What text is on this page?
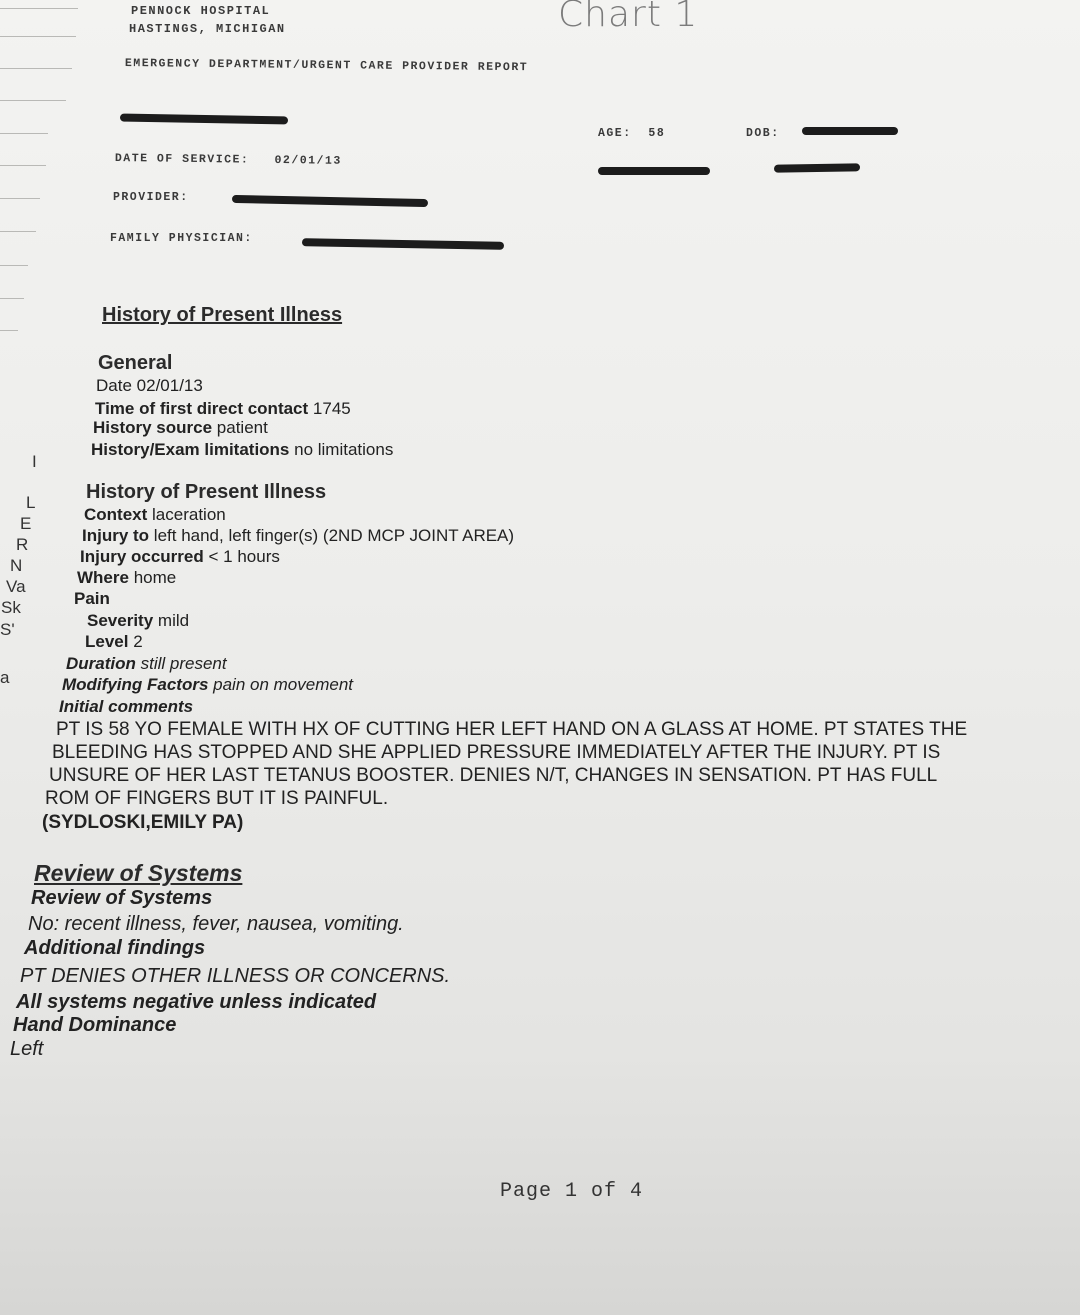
I
L
E
R
N
Va
Sk
S'
a
PENNOCK HOSPITAL
HASTINGS, MICHIGAN
EMERGENCY DEPARTMENT/URGENT CARE PROVIDER REPORT
Chart 1
AGE: 58	DOB:
DATE OF SERVICE: 02/01/13
PROVIDER:
FAMILY PHYSICIAN:
History of Present Illness
General
Date 02/01/13
Time of first direct contact 1745
History source patient
History/Exam limitations no limitations
History of Present Illness
Context laceration
Injury to left hand, left finger(s) (2ND MCP JOINT AREA)
Injury occurred < 1 hours
Where home
Pain
Severity mild
Level 2
Duration still present
Modifying Factors pain on movement
Initial comments
PT IS 58 YO FEMALE WITH HX OF CUTTING HER LEFT HAND ON A GLASS AT HOME. PT STATES THE
BLEEDING HAS STOPPED AND SHE APPLIED PRESSURE IMMEDIATELY AFTER THE INJURY. PT IS
UNSURE OF HER LAST TETANUS BOOSTER. DENIES N/T, CHANGES IN SENSATION. PT HAS FULL
ROM OF FINGERS BUT IT IS PAINFUL.
(SYDLOSKI,EMILY PA)
Review of Systems
Review of Systems
No: recent illness, fever, nausea, vomiting.
Additional findings
PT DENIES OTHER ILLNESS OR CONCERNS.
All systems negative unless indicated
Hand Dominance
Left
Page 1 of 4
